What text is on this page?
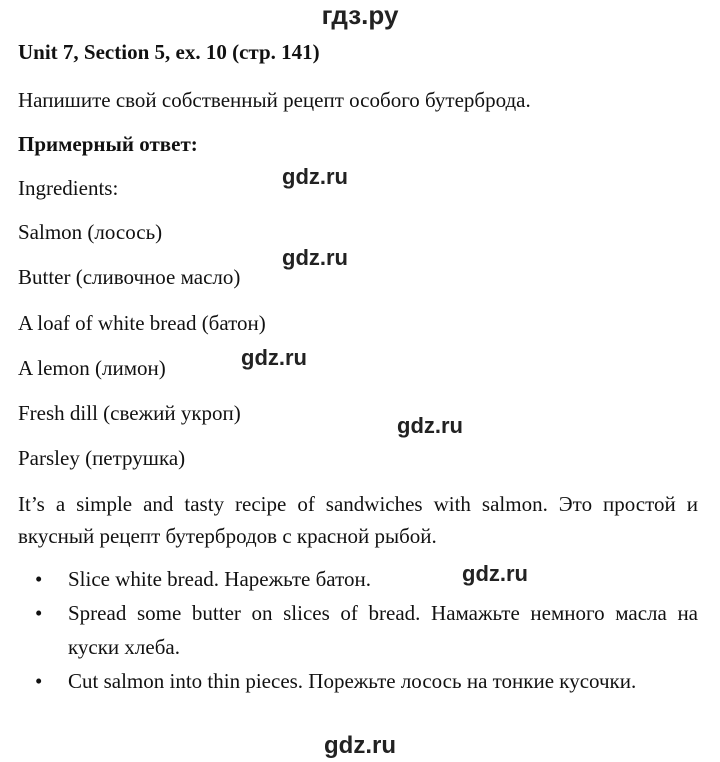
гдз.ру
Unit 7, Section 5, ex. 10 (стр. 141)
Напишите свой собственный рецепт особого бутерброда.
Примерный ответ:
Ingredients:
Salmon (лосось)
Butter (сливочное масло)
A loaf of white bread (батон)
A lemon (лимон)
Fresh dill (свежий укроп)
Parsley (петрушка)
It’s a simple and tasty recipe of sandwiches with salmon. Это простой и вкусный рецепт бутербродов с красной рыбой.
• Slice white bread. Нарежьте батон.
• Spread some butter on slices of bread. Намажьте немного масла на куски хлеба.
• Cut salmon into thin pieces. Порежьте лосось на тонкие кусочки.
gdz.ru
gdz.ru
gdz.ru
gdz.ru
gdz.ru
gdz.ru
